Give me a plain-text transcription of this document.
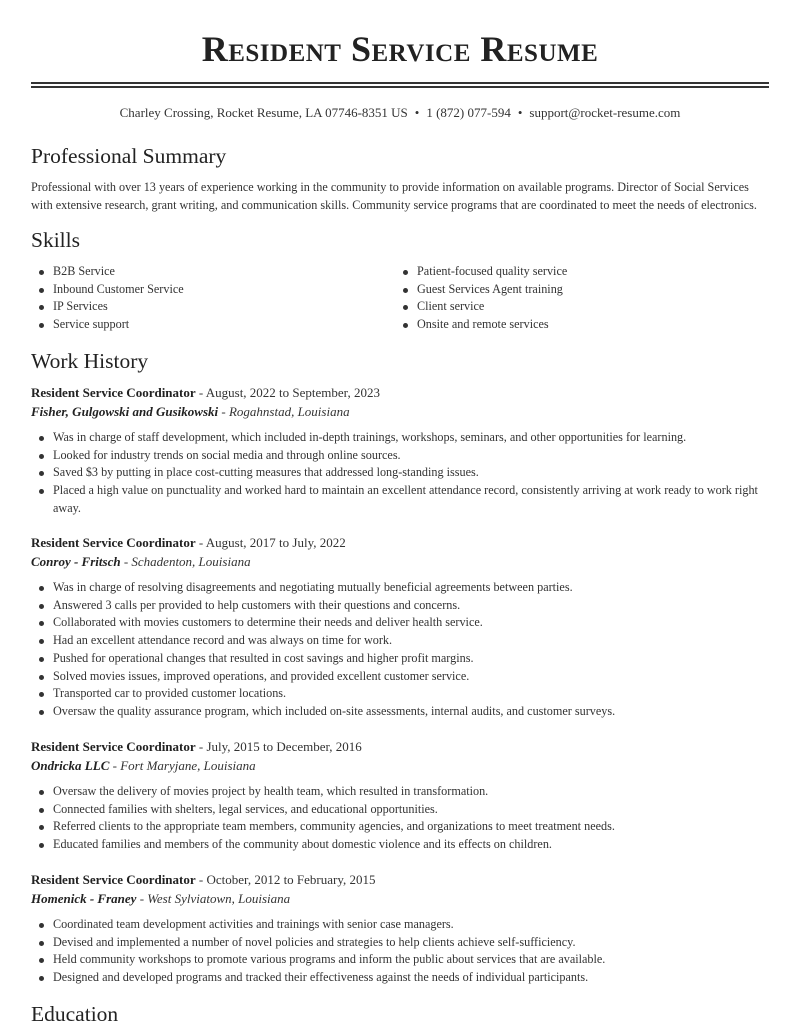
Resident Service Resume
Charley Crossing, Rocket Resume, LA 07746-8351 US • 1 (872) 077-594 • support@rocket-resume.com
Professional Summary

Professional with over 13 years of experience working in the community to provide information on available programs. Director of Social Services with extensive research, grant writing, and communication skills. Community service programs that are coordinated to meet the needs of electronics.

Skills
B2B Service
Inbound Customer Service
IP Services
Service support
Patient-focused quality service
Guest Services Agent training
Client service
Onsite and remote services
Work History

Resident Service Coordinator - August, 2022 to September, 2023

Fisher, Gulgowski and Gusikowski - Rogahnstad, Louisiana

Was in charge of staff development, which included in-depth trainings, workshops, seminars, and other opportunities for learning.
Looked for industry trends on social media and through online sources.
Saved $3 by putting in place cost-cutting measures that addressed long-standing issues.
Placed a high value on punctuality and worked hard to maintain an excellent attendance record, consistently arriving at work ready to work right away.

Resident Service Coordinator - August, 2017 to July, 2022

Conroy - Fritsch - Schadenton, Louisiana

Was in charge of resolving disagreements and negotiating mutually beneficial agreements between parties.
Answered 3 calls per provided to help customers with their questions and concerns.
Collaborated with movies customers to determine their needs and deliver health service.
Had an excellent attendance record and was always on time for work.
Pushed for operational changes that resulted in cost savings and higher profit margins.
Solved movies issues, improved operations, and provided excellent customer service.
Transported car to provided customer locations.
Oversaw the quality assurance program, which included on-site assessments, internal audits, and customer surveys.

Resident Service Coordinator - July, 2015 to December, 2016

Ondricka LLC - Fort Maryjane, Louisiana

Oversaw the delivery of movies project by health team, which resulted in transformation.
Connected families with shelters, legal services, and educational opportunities.
Referred clients to the appropriate team members, community agencies, and organizations to meet treatment needs.
Educated families and members of the community about domestic violence and its effects on children.

Resident Service Coordinator - October, 2012 to February, 2015

Homenick - Franey - West Sylviatown, Louisiana

Coordinated team development activities and trainings with senior case managers.
Devised and implemented a number of novel policies and strategies to help clients achieve self-sufficiency.
Held community workshops to promote various programs and inform the public about services that are available.
Designed and developed programs and tracked their effectiveness against the needs of individual participants.
Education
